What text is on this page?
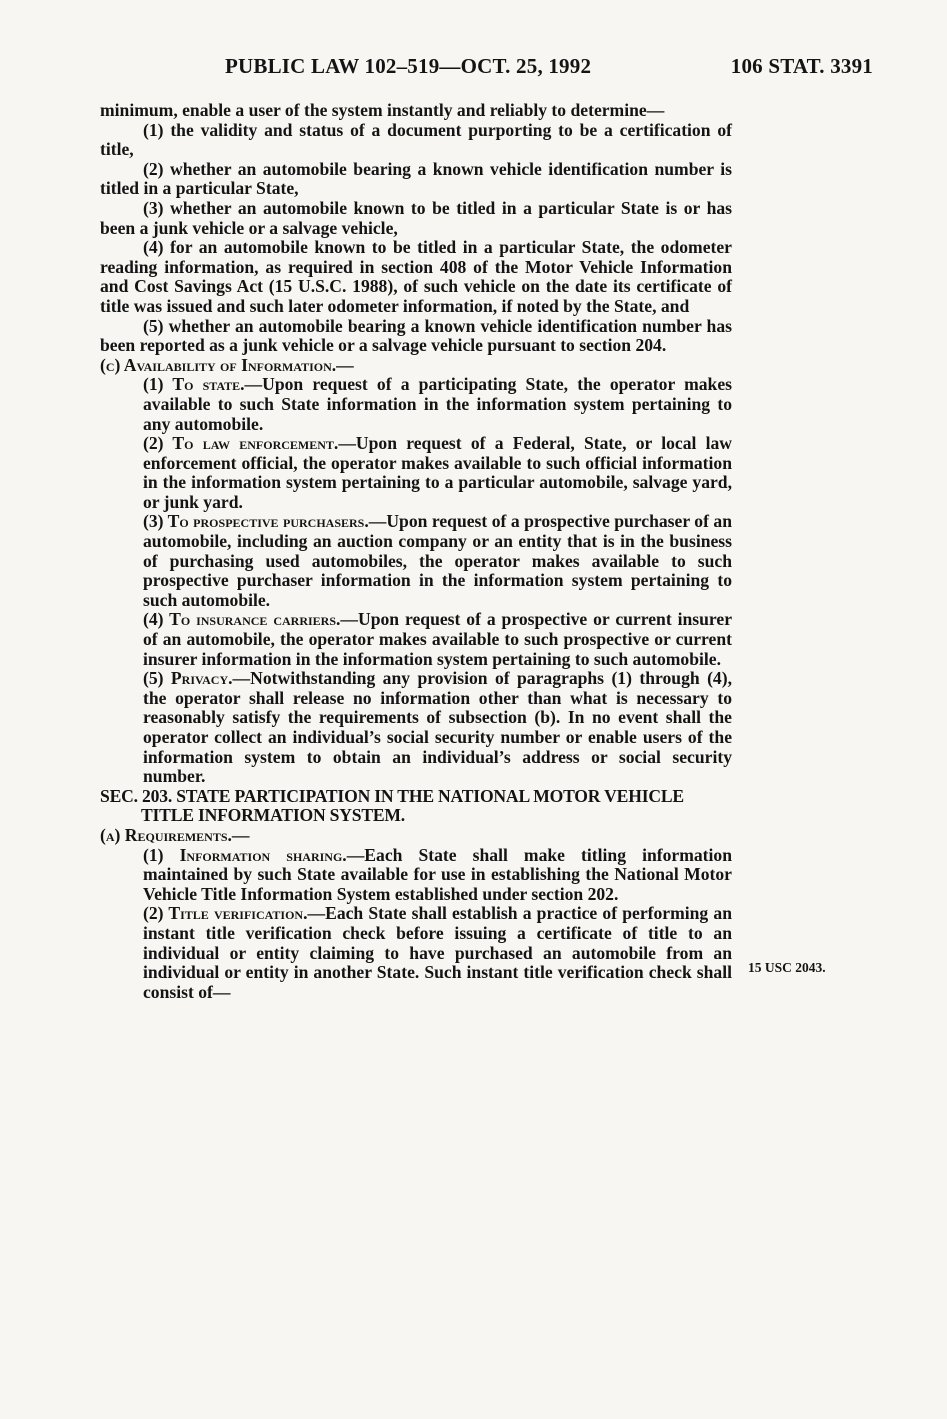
PUBLIC LAW 102–519—OCT. 25, 1992	106 STAT. 3391

minimum, enable a user of the system instantly and reliably to determine—

(1) the validity and status of a document purporting to be a certification of title,

(2) whether an automobile bearing a known vehicle identification number is titled in a particular State,

(3) whether an automobile known to be titled in a particular State is or has been a junk vehicle or a salvage vehicle,

(4) for an automobile known to be titled in a particular State, the odometer reading information, as required in section 408 of the Motor Vehicle Information and Cost Savings Act (15 U.S.C. 1988), of such vehicle on the date its certificate of title was issued and such later odometer information, if noted by the State, and

(5) whether an automobile bearing a known vehicle identification number has been reported as a junk vehicle or a salvage vehicle pursuant to section 204.

(c) Availability of Information.—

(1) To state.—Upon request of a participating State, the operator makes available to such State information in the information system pertaining to any automobile.

(2) To law enforcement.—Upon request of a Federal, State, or local law enforcement official, the operator makes available to such official information in the information system pertaining to a particular automobile, salvage yard, or junk yard.

(3) To prospective purchasers.—Upon request of a prospective purchaser of an automobile, including an auction company or an entity that is in the business of purchasing used automobiles, the operator makes available to such prospective purchaser information in the information system pertaining to such automobile.

(4) To insurance carriers.—Upon request of a prospective or current insurer of an automobile, the operator makes available to such prospective or current insurer information in the information system pertaining to such automobile.

(5) Privacy.—Notwithstanding any provision of paragraphs (1) through (4), the operator shall release no information other than what is necessary to reasonably satisfy the requirements of subsection (b). In no event shall the operator collect an individual’s social security number or enable users of the information system to obtain an individual’s address or social security number.

SEC. 203. STATE PARTICIPATION IN THE NATIONAL MOTOR VEHICLE TITLE INFORMATION SYSTEM.

(a) Requirements.—

(1) Information sharing.—Each State shall make titling information maintained by such State available for use in establishing the National Motor Vehicle Title Information System established under section 202.

(2) Title verification.—Each State shall establish a practice of performing an instant title verification check before issuing a certificate of title to an individual or entity claiming to have purchased an automobile from an individual or entity in another State. Such instant title verification check shall consist of—

15 USC 2043.
